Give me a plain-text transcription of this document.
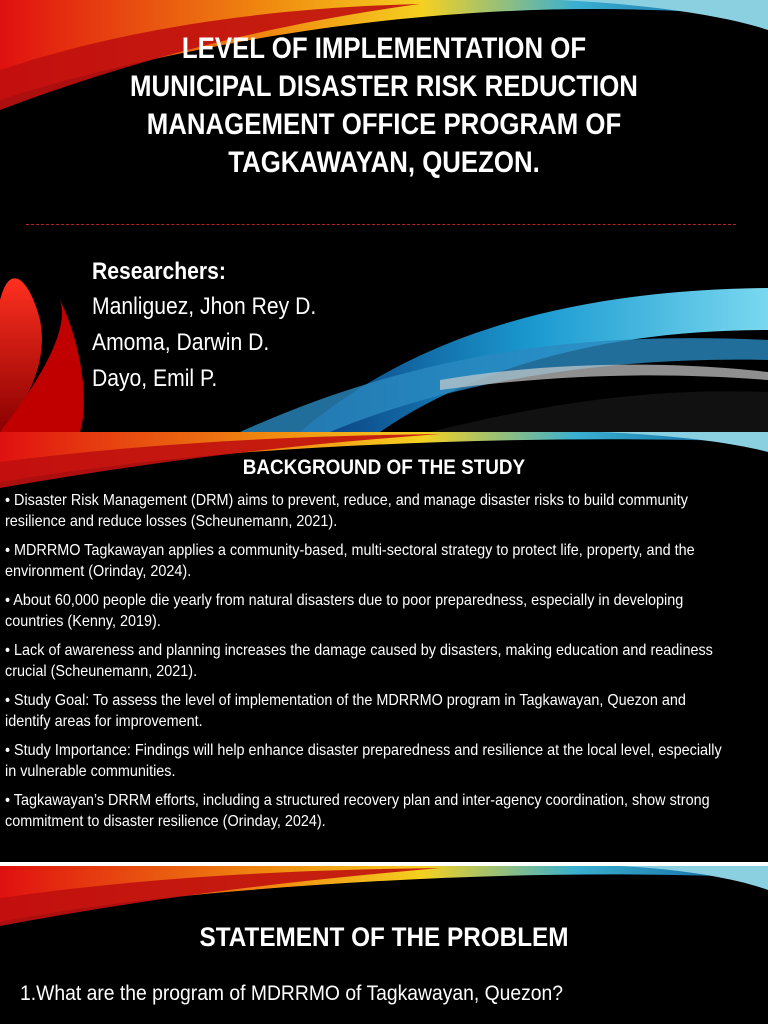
LEVEL OF IMPLEMENTATION OF
MUNICIPAL DISASTER RISK REDUCTION
MANAGEMENT OFFICE PROGRAM OF
TAGKAWAYAN, QUEZON.
Researchers:
Manliguez, Jhon Rey D.
Amoma, Darwin D.
Dayo, Emil P.
BACKGROUND OF THE STUDY
• Disaster Risk Management (DRM) aims to prevent, reduce, and manage disaster risks to build community resilience and reduce losses (Scheunemann, 2021).
• MDRRMO Tagkawayan applies a community-based, multi-sectoral strategy to protect life, property, and the environment (Orinday, 2024).
• About 60,000 people die yearly from natural disasters due to poor preparedness, especially in developing countries (Kenny, 2019).
• Lack of awareness and planning increases the damage caused by disasters, making education and readiness crucial (Scheunemann, 2021).
• Study Goal: To assess the level of implementation of the MDRRMO program in Tagkawayan, Quezon and identify areas for improvement.
• Study Importance: Findings will help enhance disaster preparedness and resilience at the local level, especially in vulnerable communities.
• Tagkawayan’s DRRM efforts, including a structured recovery plan and inter-agency coordination, show strong commitment to disaster resilience (Orinday, 2024).
STATEMENT OF THE PROBLEM
1.What are the program of MDRRMO of Tagkawayan, Quezon?
